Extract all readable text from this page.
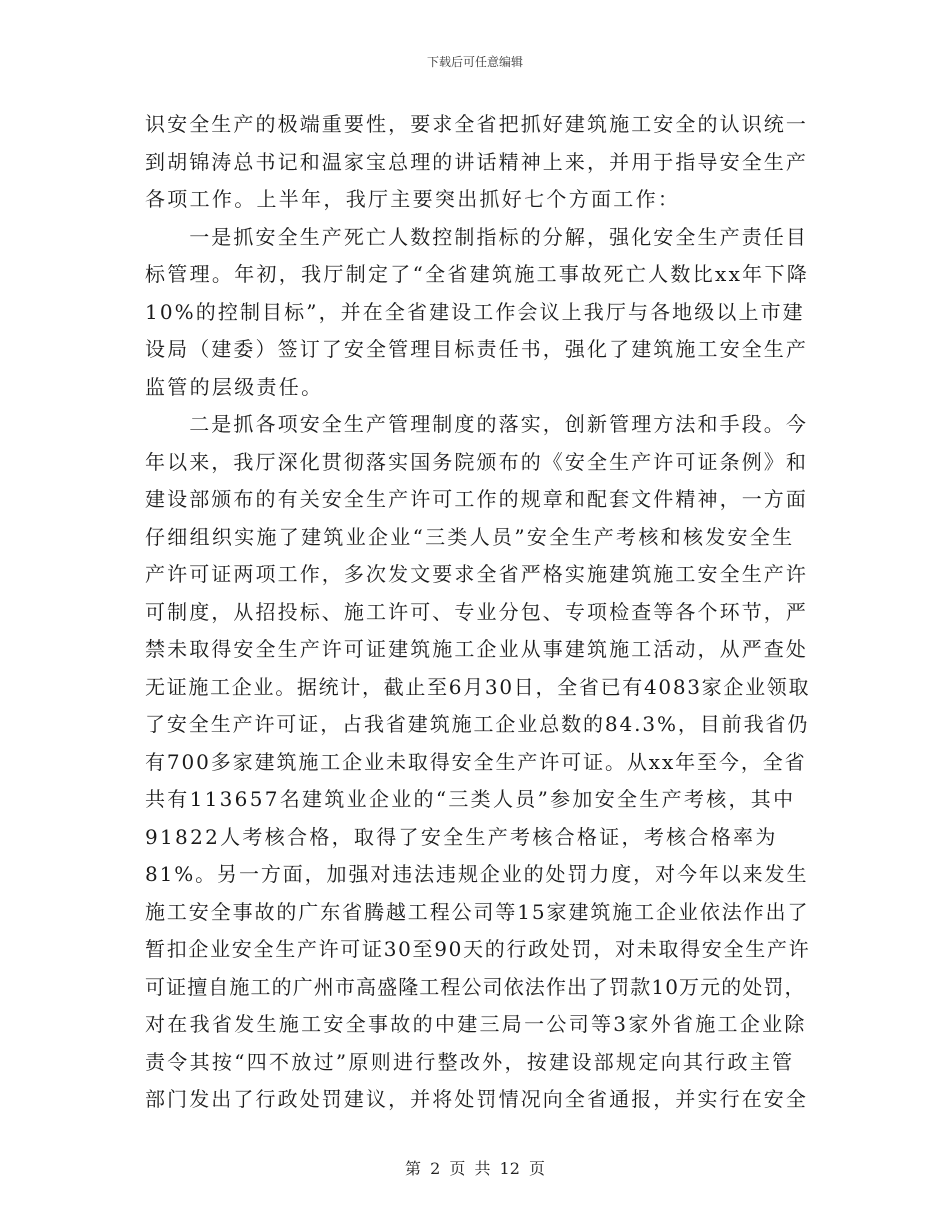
下载后可任意编辑
识安全生产的极端重要性，要求全省把抓好建筑施工安全的认识统一
到胡锦涛总书记和温家宝总理的讲话精神上来，并用于指导安全生产
各项工作。上半年，我厅主要突出抓好七个方面工作：
　　一是抓安全生产死亡人数控制指标的分解，强化安全生产责任目
标管理。年初，我厅制定了“全省建筑施工事故死亡人数比xx年下降
10%的控制目标”，并在全省建设工作会议上我厅与各地级以上市建
设局（建委）签订了安全管理目标责任书，强化了建筑施工安全生产
监管的层级责任。
　　二是抓各项安全生产管理制度的落实，创新管理方法和手段。今
年以来，我厅深化贯彻落实国务院颁布的《安全生产许可证条例》和
建设部颁布的有关安全生产许可工作的规章和配套文件精神，一方面
仔细组织实施了建筑业企业“三类人员”安全生产考核和核发安全生
产许可证两项工作，多次发文要求全省严格实施建筑施工安全生产许
可制度，从招投标、施工许可、专业分包、专项检查等各个环节，严
禁未取得安全生产许可证建筑施工企业从事建筑施工活动，从严查处
无证施工企业。据统计，截止至6月30日，全省已有4083家企业领取
了安全生产许可证，占我省建筑施工企业总数的84.3%，目前我省仍
有700多家建筑施工企业未取得安全生产许可证。从xx年至今，全省
共有113657名建筑业企业的“三类人员”参加安全生产考核，其中
91822人考核合格，取得了安全生产考核合格证，考核合格率为
81%。另一方面，加强对违法违规企业的处罚力度，对今年以来发生
施工安全事故的广东省腾越工程公司等15家建筑施工企业依法作出了
暂扣企业安全生产许可证30至90天的行政处罚，对未取得安全生产许
可证擅自施工的广州市高盛隆工程公司依法作出了罚款10万元的处罚，
对在我省发生施工安全事故的中建三局一公司等3家外省施工企业除
责令其按“四不放过”原则进行整改外，按建设部规定向其行政主管
部门发出了行政处罚建议，并将处罚情况向全省通报，并实行在安全
第 2 页 共 12 页
